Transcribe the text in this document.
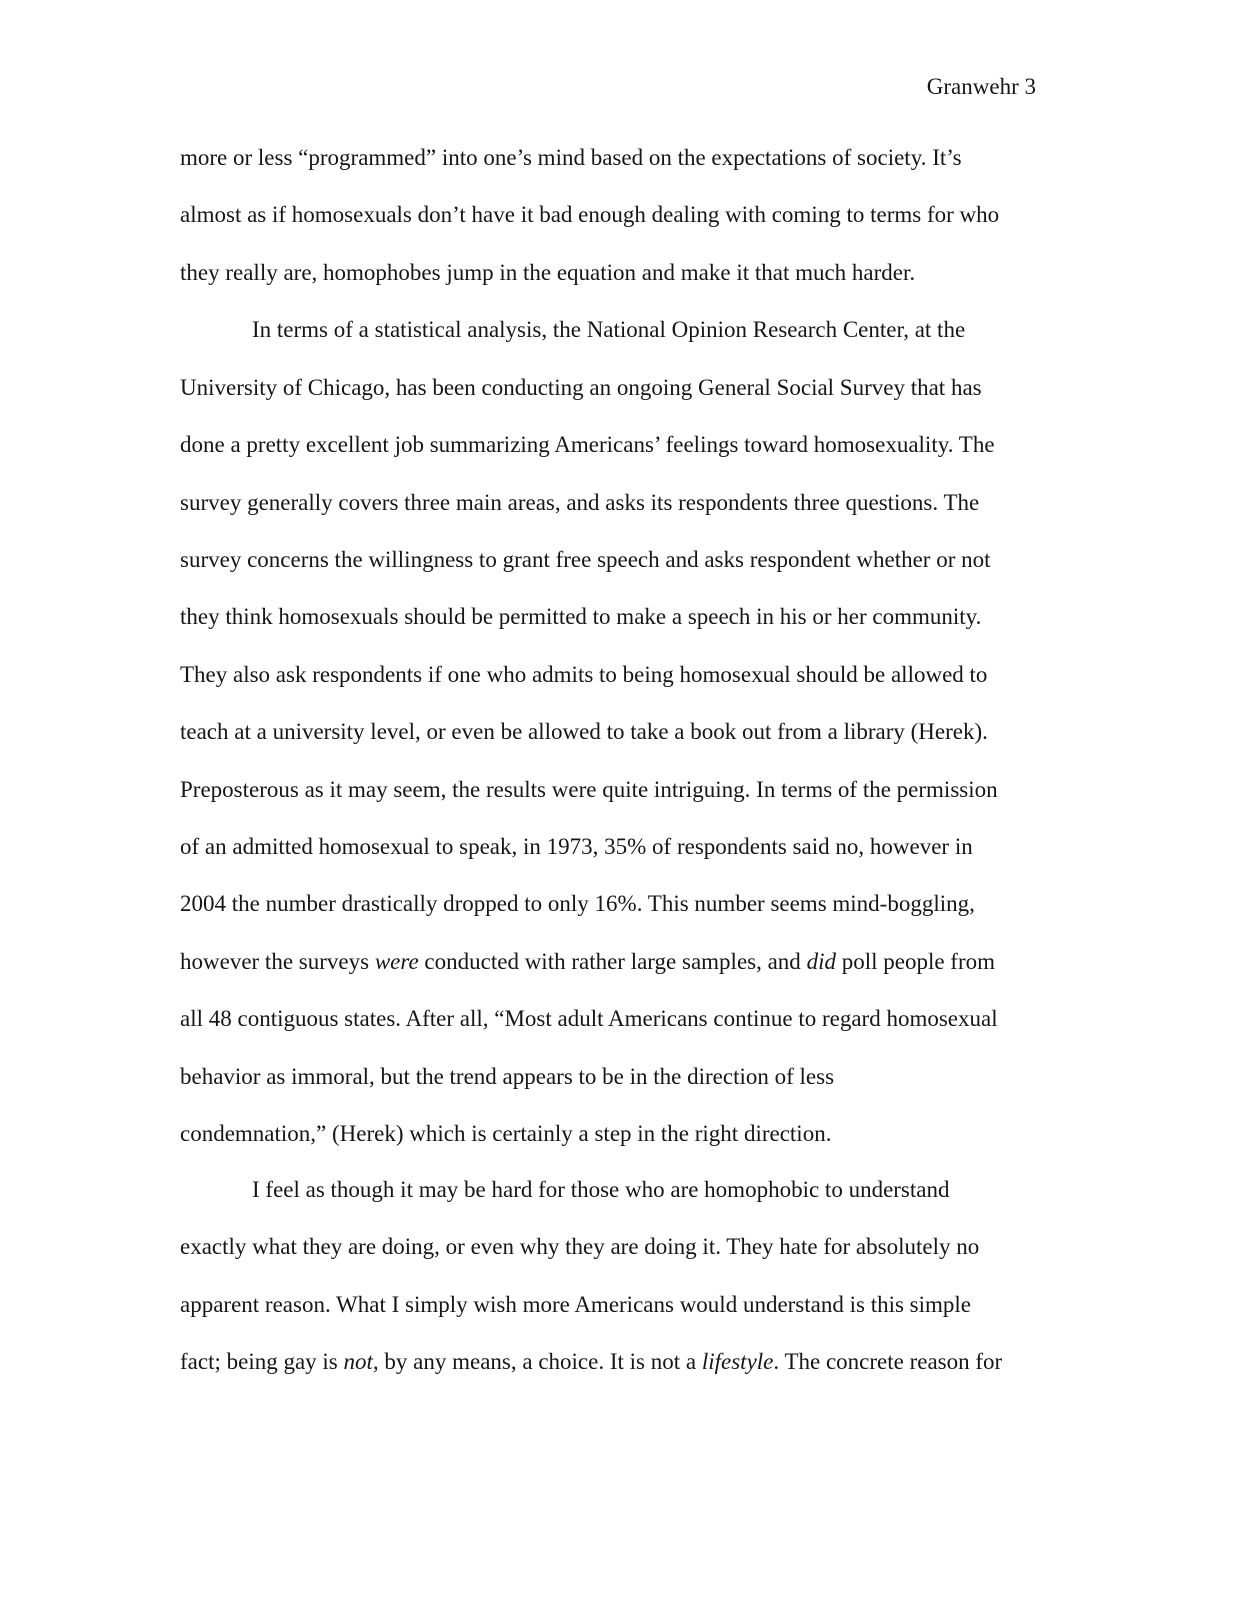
Granwehr 3
more or less “programmed” into one’s mind based on the expectations of society. It’s
almost as if homosexuals don’t have it bad enough dealing with coming to terms for who
they really are, homophobes jump in the equation and make it that much harder.
In terms of a statistical analysis, the National Opinion Research Center, at the
University of Chicago, has been conducting an ongoing General Social Survey that has
done a pretty excellent job summarizing Americans’ feelings toward homosexuality. The
survey generally covers three main areas, and asks its respondents three questions. The
survey concerns the willingness to grant free speech and asks respondent whether or not
they think homosexuals should be permitted to make a speech in his or her community.
They also ask respondents if one who admits to being homosexual should be allowed to
teach at a university level, or even be allowed to take a book out from a library (Herek).
Preposterous as it may seem, the results were quite intriguing. In terms of the permission
of an admitted homosexual to speak, in 1973, 35% of respondents said no, however in
2004 the number drastically dropped to only 16%. This number seems mind-boggling,
however the surveys were conducted with rather large samples, and did poll people from
all 48 contiguous states. After all, “Most adult Americans continue to regard homosexual
behavior as immoral, but the trend appears to be in the direction of less
condemnation,” (Herek) which is certainly a step in the right direction.
I feel as though it may be hard for those who are homophobic to understand
exactly what they are doing, or even why they are doing it. They hate for absolutely no
apparent reason. What I simply wish more Americans would understand is this simple
fact; being gay is not, by any means, a choice. It is not a lifestyle. The concrete reason for
